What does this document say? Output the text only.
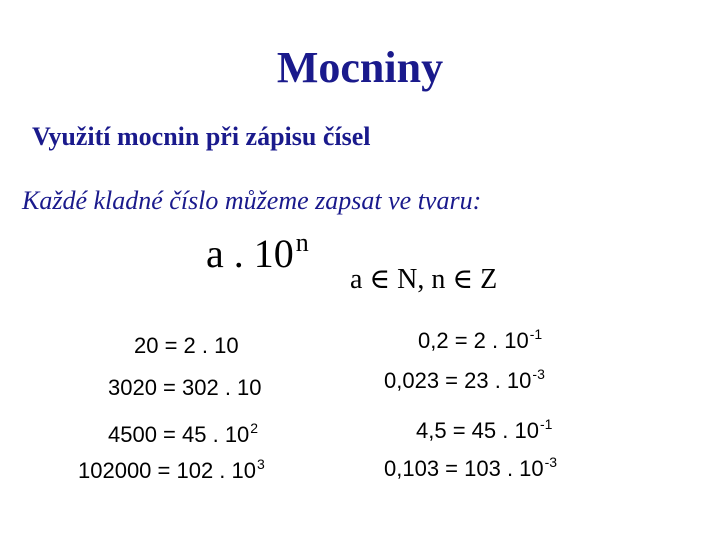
Mocniny
Využití mocnin při zápisu čísel
Každé kladné číslo můžeme zapsat ve tvaru:
a . 10$^n$
a ∈ N, n ∈ Z
20 = 2 . 10
3020 = 302 . 10
4500 = 45 . $10^2$
102000 = 102 . $10^3$
0,2 = 2 . $10^{-1}$
0,023 = 23 . $10^{-3}$
4,5 = 45 . $10^{-1}$
0,103 = 103 . $10^{-3}$
